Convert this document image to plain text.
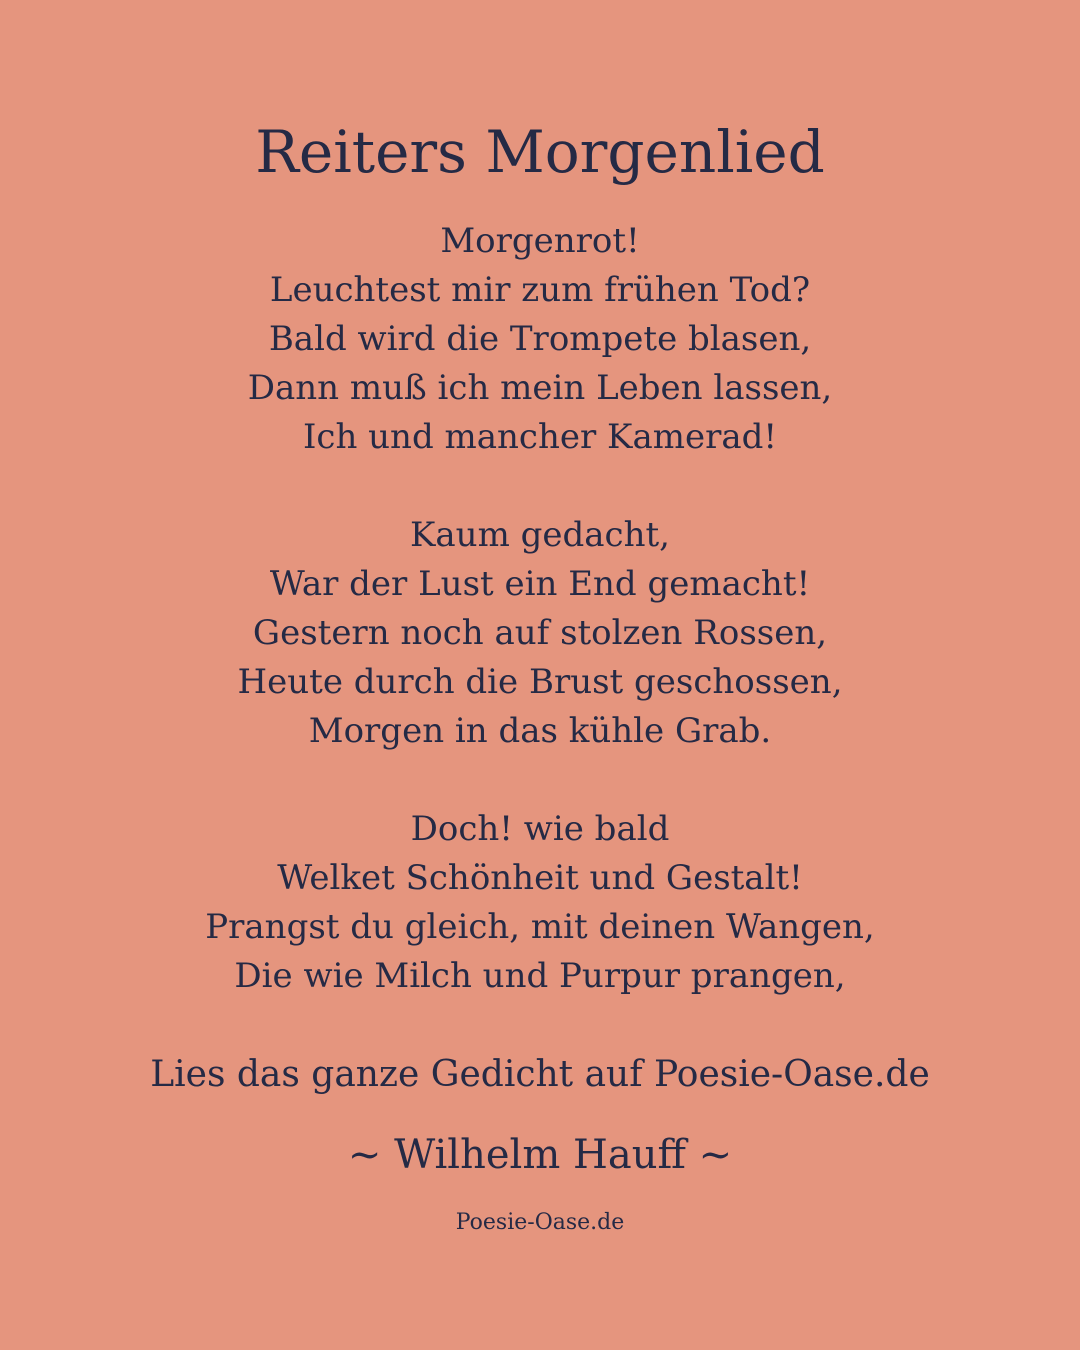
Reiters Morgenlied
Morgenrot!
Leuchtest mir zum frühen Tod?
Bald wird die Trompete blasen,
Dann muß ich mein Leben lassen,
Ich und mancher Kamerad!
Kaum gedacht,
War der Lust ein End gemacht!
Gestern noch auf stolzen Rossen,
Heute durch die Brust geschossen,
Morgen in das kühle Grab.
Doch! wie bald
Welket Schönheit und Gestalt!
Prangst du gleich, mit deinen Wangen,
Die wie Milch und Purpur prangen,
Lies das ganze Gedicht auf Poesie-Oase.de
~ Wilhelm Hauff ~
Poesie-Oase.de
